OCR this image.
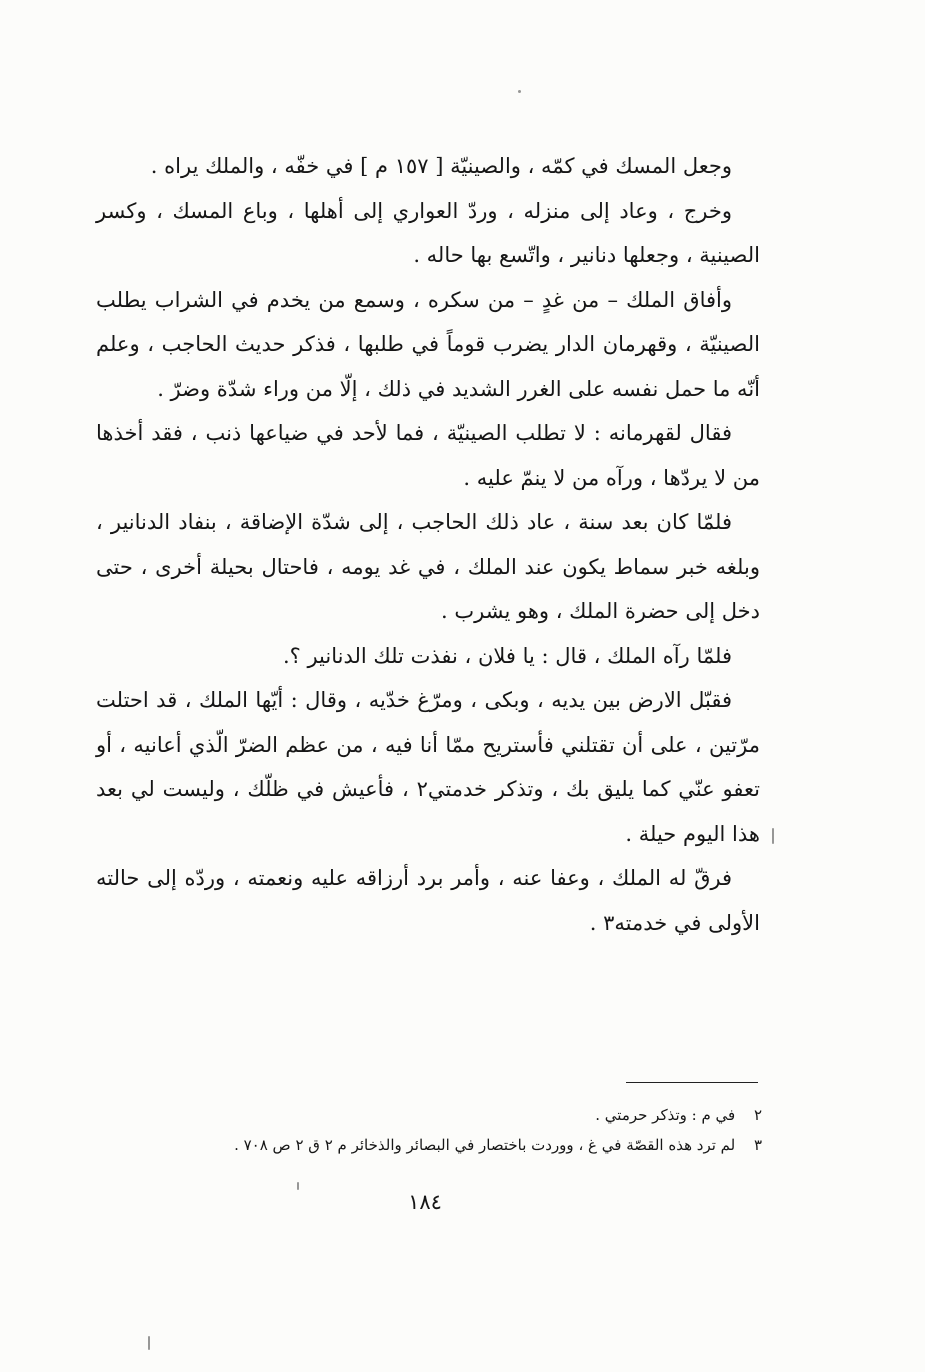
وجعل المسك في كمّه ، والصينيّة [ ١٥٧ م ] في خفّه ، والملك يراه .

وخرج ، وعاد إلى منزله ، وردّ العواري إلى أهلها ، وباع المسك ، وكسر الصينية ، وجعلها دنانير ، واتّسع بها حاله .

وأفاق الملك – من غدٍ – من سكره ، وسمع من يخدم في الشراب يطلب الصينيّة ، وقهرمان الدار يضرب قوماً في طلبها ، فذكر حديث الحاجب ، وعلم أنّه ما حمل نفسه على الغرر الشديد في ذلك ، إلّا من وراء شدّة وضرّ .

فقال لقهرمانه : لا تطلب الصينيّة ، فما لأحد في ضياعها ذنب ، فقد أخذها من لا يردّها ، ورآه من لا ينمّ عليه .

فلمّا كان بعد سنة ، عاد ذلك الحاجب ، إلى شدّة الإضاقة ، بنفاد الدنانير ، وبلغه خبر سماط يكون عند الملك ، في غد يومه ، فاحتال بحيلة أخرى ، حتى دخل إلى حضرة الملك ، وهو يشرب .

فلمّا رآه الملك ، قال : يا فلان ، نفذت تلك الدنانير ؟.

فقبّل الارض بين يديه ، وبكى ، ومرّغ خدّيه ، وقال : أيّها الملك ، قد احتلت مرّتين ، على أن تقتلني فأستريح ممّا أنا فيه ، من عظم الضرّ الّذي أعانيه ، أو تعفو عنّي كما يليق بك ، وتذكر خدمتي٢ ، فأعيش في ظلّك ، وليست لي بعد هذا اليوم حيلة .

فرقّ له الملك ، وعفا عنه ، وأمر برد أرزاقه عليه ونعمته ، وردّه إلى حالته الأولى في خدمته٣ .

٢ في م : وتذكر حرمتي .
٣ لم ترد هذه القصّة في غ ، ووردت باختصار في البصائر والذخائر م ٢ ق ٢ ص ٧٠٨ .
١٨٤
